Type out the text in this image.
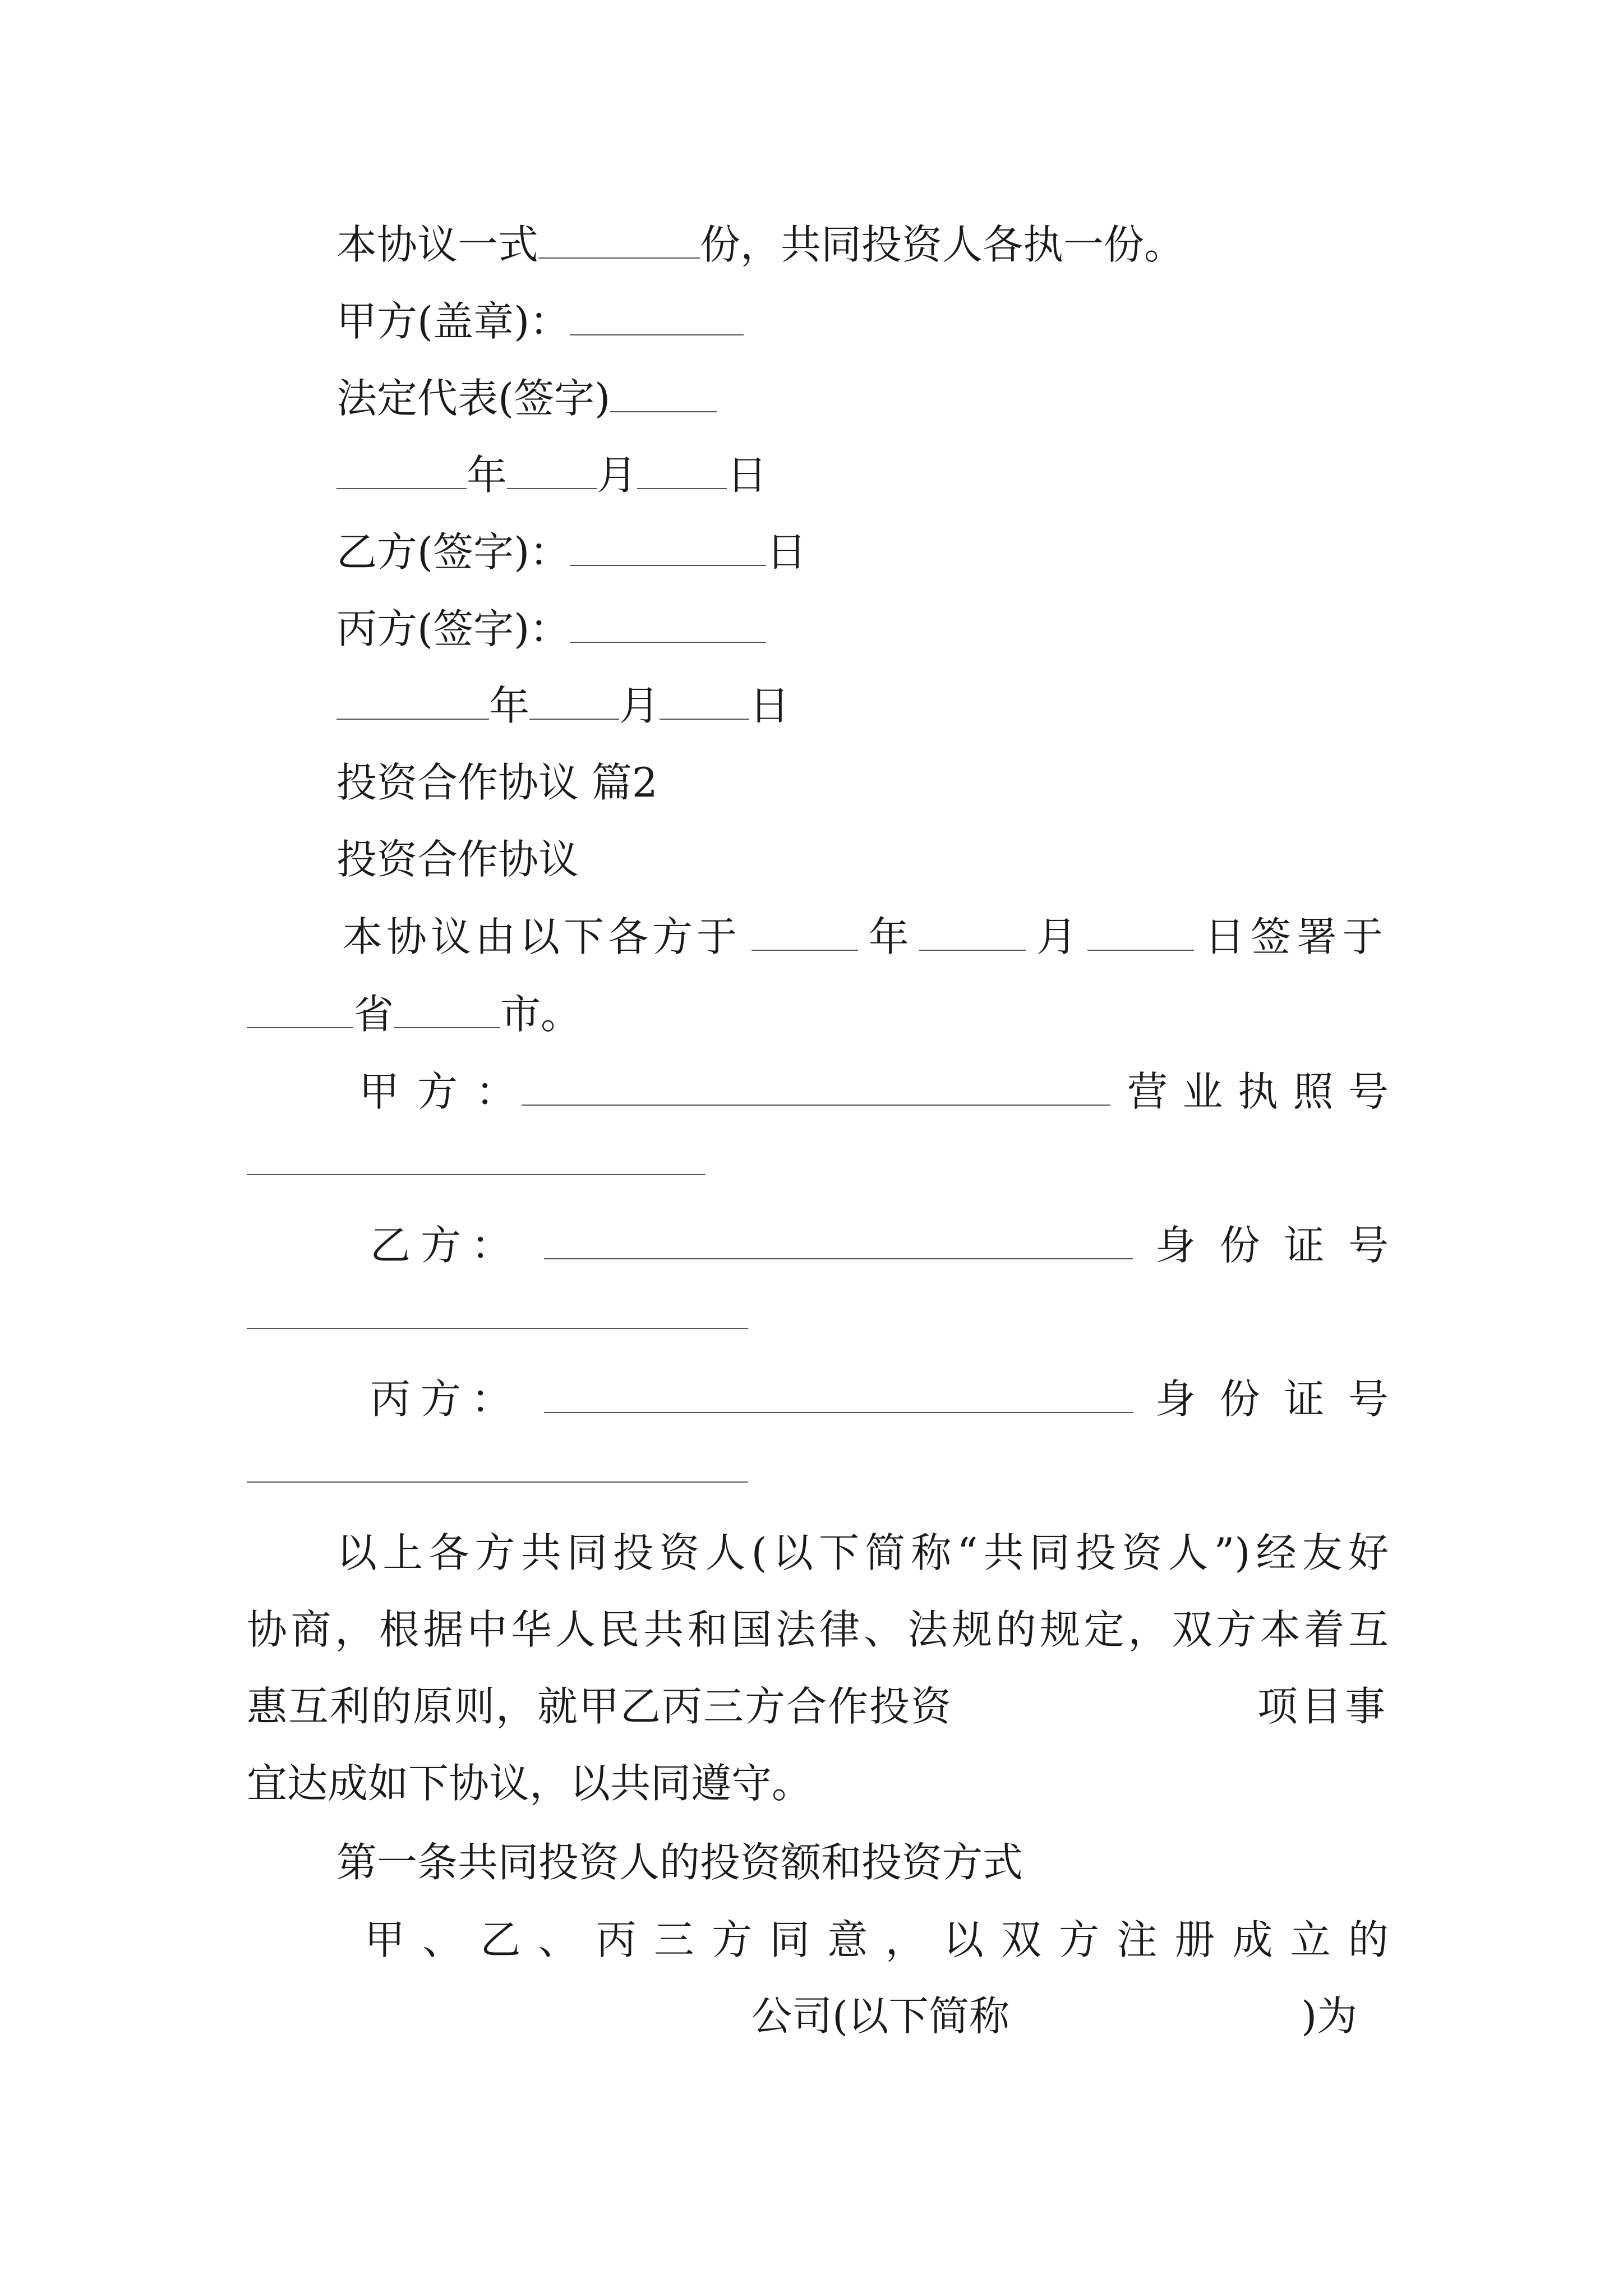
本协议一式	份，共同投资人各执一份。
甲方(盖章)：
法定代表(签字)
年 月 日
乙方(签字)：	日
丙方(签字)：
年 月 日
投资合作协议 篇2
投资合作协议
本协议由以下各方于	年	月	日签署于
省	市。
甲 方 ：	营 业 执 照 号
乙 方 ：	身 份 证 号
丙 方 ：	身 份 证 号
以上各方共同投资人(以下简称“共同投资人”)经友好
协商，根据中华人民共和国法律、法规的规定，双方本着互
惠互利的原则，就甲乙丙三方合作投资	项目事
宜达成如下协议，以共同遵守。
第一条共同投资人的投资额和投资方式
甲 、 乙 、 丙 三 方 同 意 ， 以 双 方 注 册 成 立 的
公司(以下简称	)为
